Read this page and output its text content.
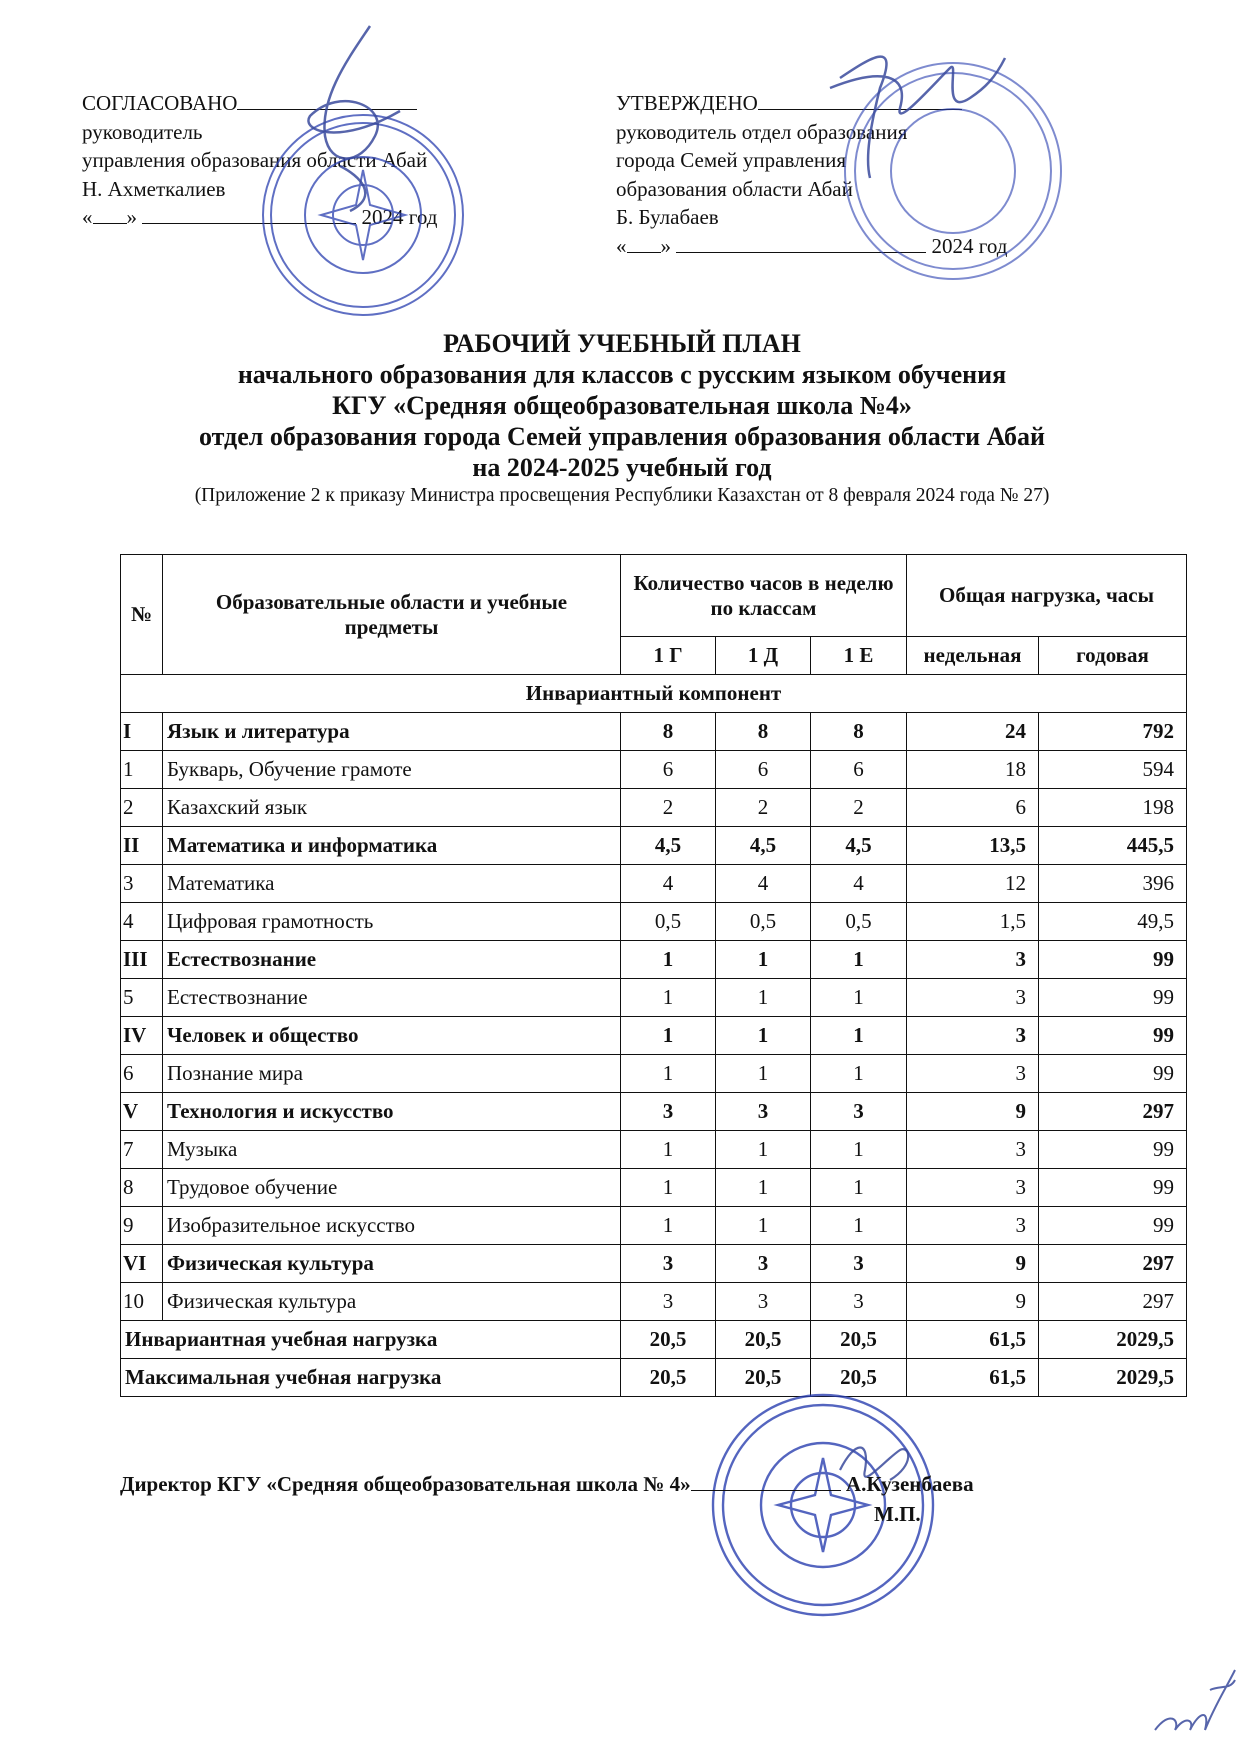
СОГЛАСОВАНО
руководитель
управления образования области Абай
Н. Ахметкалиев
« »	2024 год
УТВЕРЖДЕНО
руководитель отдел образования
города Семей управления
образования области Абай
Б. Булабаев
« »	2024 год
РАБОЧИЙ УЧЕБНЫЙ ПЛАН
начального образования для классов с русским языком обучения
КГУ «Средняя общеобразовательная школа №4»
отдел образования города Семей управления образования области Абай
на 2024-2025 учебный год
(Приложение 2 к приказу Министра просвещения Республики Казахстан от 8 февраля 2024 года № 27)
№	Образовательные области и учебные предметы	Количество часов в неделю по классам			Общая нагрузка, часы	
		1 Г	1 Д	1 Е	недельная	годовая
Инвариантный компонент						
I	Язык и литература	8	8	8	24	792
1	Букварь, Обучение грамоте	6	6	6	18	594
2	Казахский язык	2	2	2	6	198
II	Математика и информатика	4,5	4,5	4,5	13,5	445,5
3	Математика	4	4	4	12	396
4	Цифровая грамотность	0,5	0,5	0,5	1,5	49,5
III	Естествознание	1	1	1	3	99
5	Естествознание	1	1	1	3	99
IV	Человек и общество	1	1	1	3	99
6	Познание мира	1	1	1	3	99
V	Технология и искусство	3	3	3	9	297
7	Музыка	1	1	1	3	99
8	Трудовое обучение	1	1	1	3	99
9	Изобразительное искусство	1	1	1	3	99
VI	Физическая культура	3	3	3	9	297
10	Физическая культура	3	3	3	9	297
Инвариантная учебная нагрузка		20,5	20,5	20,5	61,5	2029,5
Максимальная учебная нагрузка		20,5	20,5	20,5	61,5	2029,5
Директор КГУ «Средняя общеобразовательная школа № 4»	А.Кузенбаева
М.П.
